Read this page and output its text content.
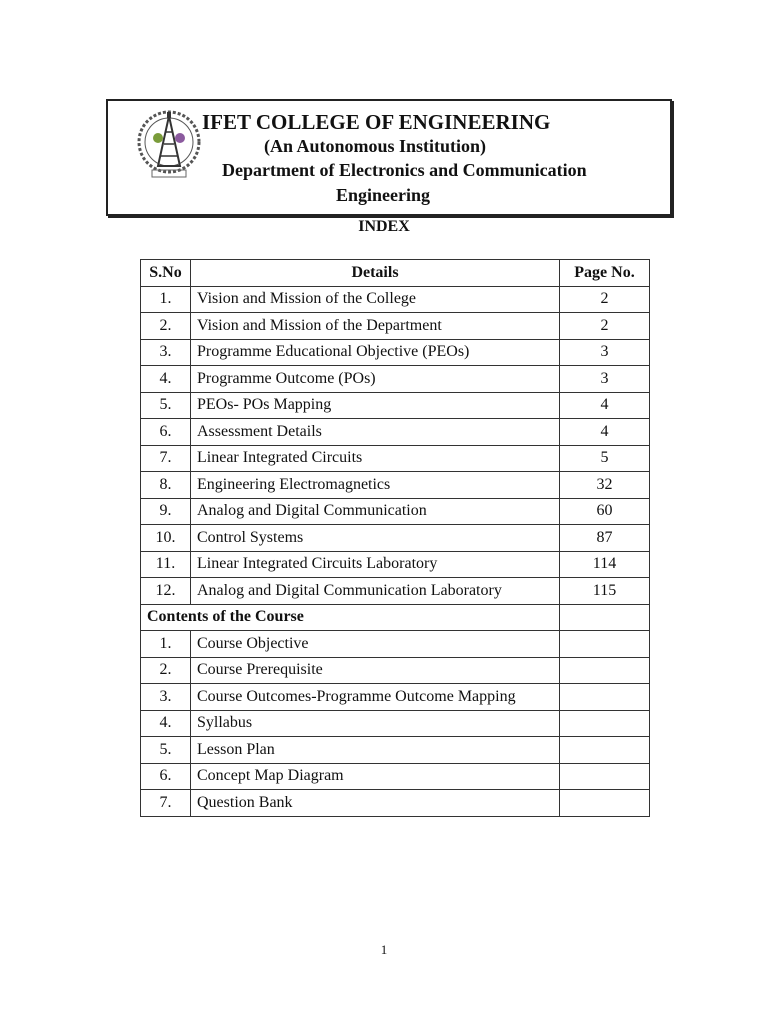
IFET COLLEGE OF ENGINEERING
(An Autonomous Institution)
Department of Electronics and Communication
Engineering
INDEX
S.No	Details	Page No.
1.	Vision and Mission of the College	2
2.	Vision and Mission of the Department	2
3.	Programme Educational Objective (PEOs)	3
4.	Programme Outcome (POs)	3
5.	PEOs- POs Mapping	4
6.	Assessment Details	4
7.	Linear Integrated Circuits	5
8.	Engineering Electromagnetics	32
9.	Analog and Digital Communication	60
10.	Control Systems	87
11.	Linear Integrated Circuits Laboratory	114
12.	Analog and Digital Communication Laboratory	115
Contents of the Course		
1.	Course Objective	
2.	Course Prerequisite	
3.	Course Outcomes-Programme Outcome Mapping	
4.	Syllabus	
5.	Lesson Plan	
6.	Concept Map Diagram	
7.	Question Bank	
1
